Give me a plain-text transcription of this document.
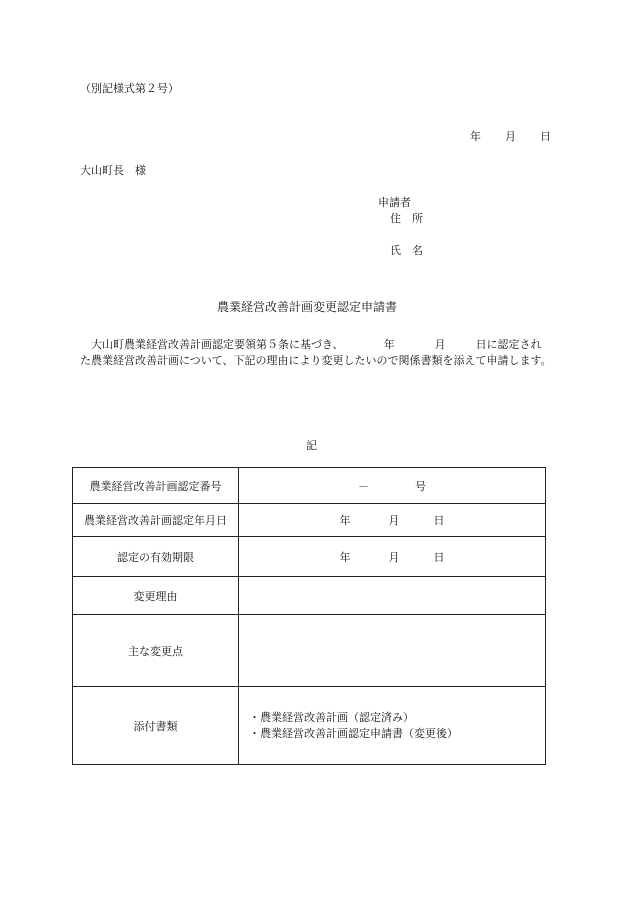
（別記様式第２号）
年 月 日
大山町長　様
申請者
住　所
氏　名
農業経営改善計画変更認定申請書
大山町農業経営改善計画認定要領第５条に基づき、	年	月	日に認定された農業経営改善計画について、下記の理由により変更したいので関係書類を添えて申請します。
記
農業経営改善計画認定番号	－ 号
農業経営改善計画認定年月日	年 月 日
認定の有効期限	年 月 日
変更理由	
主な変更点	
添付書類	・農業経営改善計画（認定済み）
・農業経営改善計画認定申請書（変更後）
